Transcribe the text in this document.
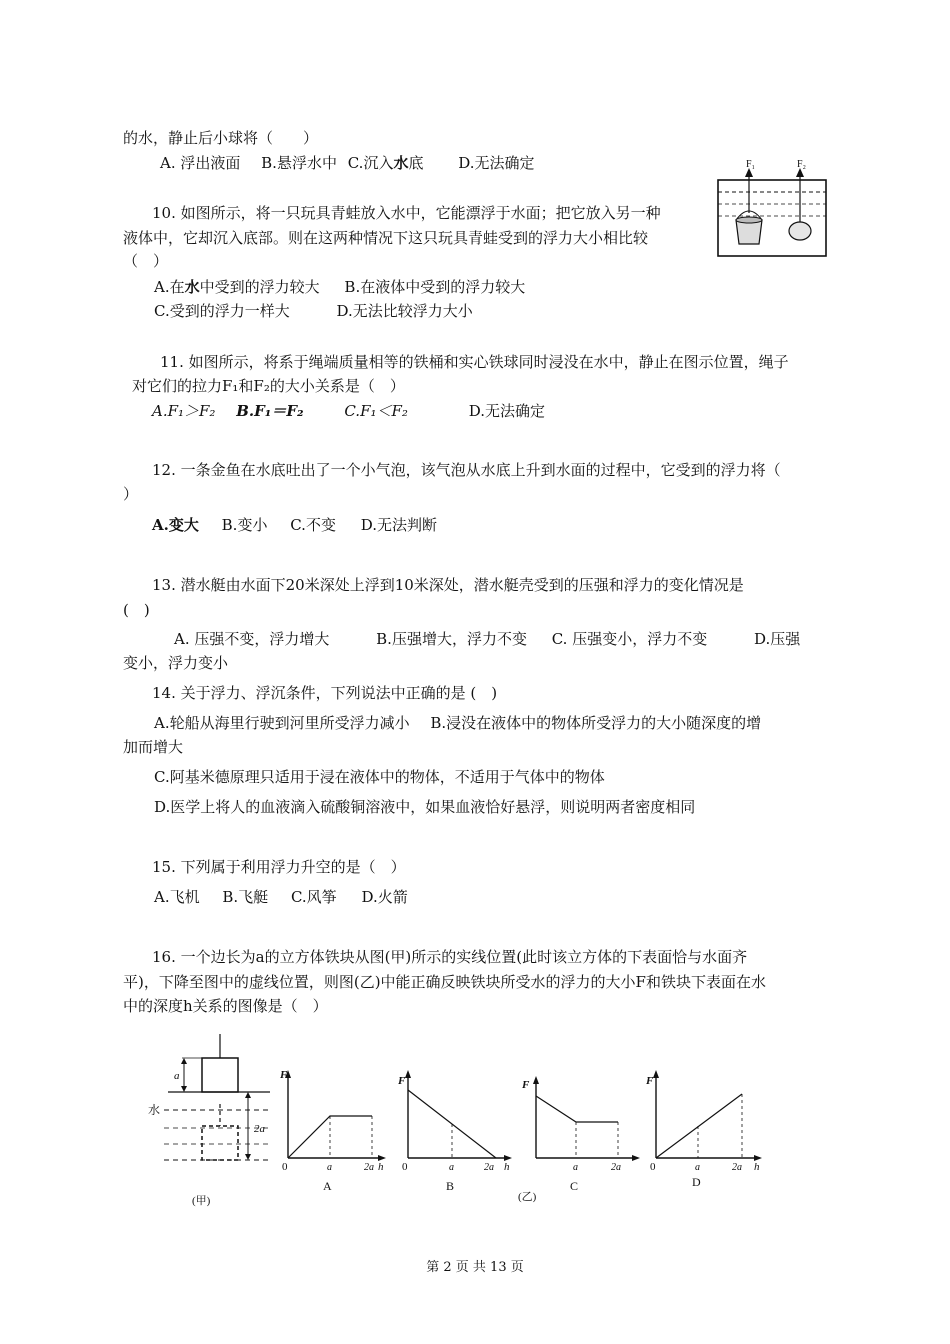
的水，静止后小球将（　　）
A. 浮出液面 B.悬浮水中 C.沉入水底 D.无法确定
10. 如图所示，将一只玩具青蛙放入水中，它能漂浮于水面；把它放入另一种
液体中，它却沉入底部。则在这两种情况下这只玩具青蛙受到的浮力大小相比较
（　）
A.在水中受到的浮力较大 B.在液体中受到的浮力较大
C.受到的浮力一样大	D.无法比较浮力大小
F₁	F₂
11. 如图所示，将系于绳端质量相等的铁桶和实心铁球同时浸没在水中，静止在图示位置，绳子
对它们的拉力F₁和F₂的大小关系是（　）
A.F₁＞F₂ B.F₁＝F₂	C.F₁＜F₂	D.无法确定
12. 一条金鱼在水底吐出了一个小气泡，该气泡从水底上升到水面的过程中，它受到的浮力将（
）
A.变大 B.变小 C.不变 D.无法判断
13. 潜水艇由水面下20米深处上浮到10米深处，潜水艇壳受到的压强和浮力的变化情况是
(　)
A. 压强不变，浮力增大	B.压强增大，浮力不变 C. 压强变小，浮力不变	D.压强
变小，浮力变小
14. 关于浮力、浮沉条件，下列说法中正确的是 (　)
A.轮船从海里行驶到河里所受浮力减小 B.浸没在液体中的物体所受浮力的大小随深度的增
加而增大
C.阿基米德原理只适用于浸在液体中的物体，不适用于气体中的物体
D.医学上将人的血液滴入硫酸铜溶液中，如果血液恰好悬浮，则说明两者密度相同
15. 下列属于利用浮力升空的是（　）
A.飞机 B.飞艇 C.风筝 D.火箭
16. 一个边长为a的立方体铁块从图(甲)所示的实线位置(此时该立方体的下表面恰与水面齐
平)，下降至图中的虚线位置，则图(乙)中能正确反映铁块所受水的浮力的大小F和铁块下表面在水
中的深度h关系的图像是（　）
a
水
2a
(甲)
F
0	a	2a h
A
F
0	a	2a h
B
F
a	2a
C
(乙)
F
0	a	2a h
D
第 2 页 共 13 页
